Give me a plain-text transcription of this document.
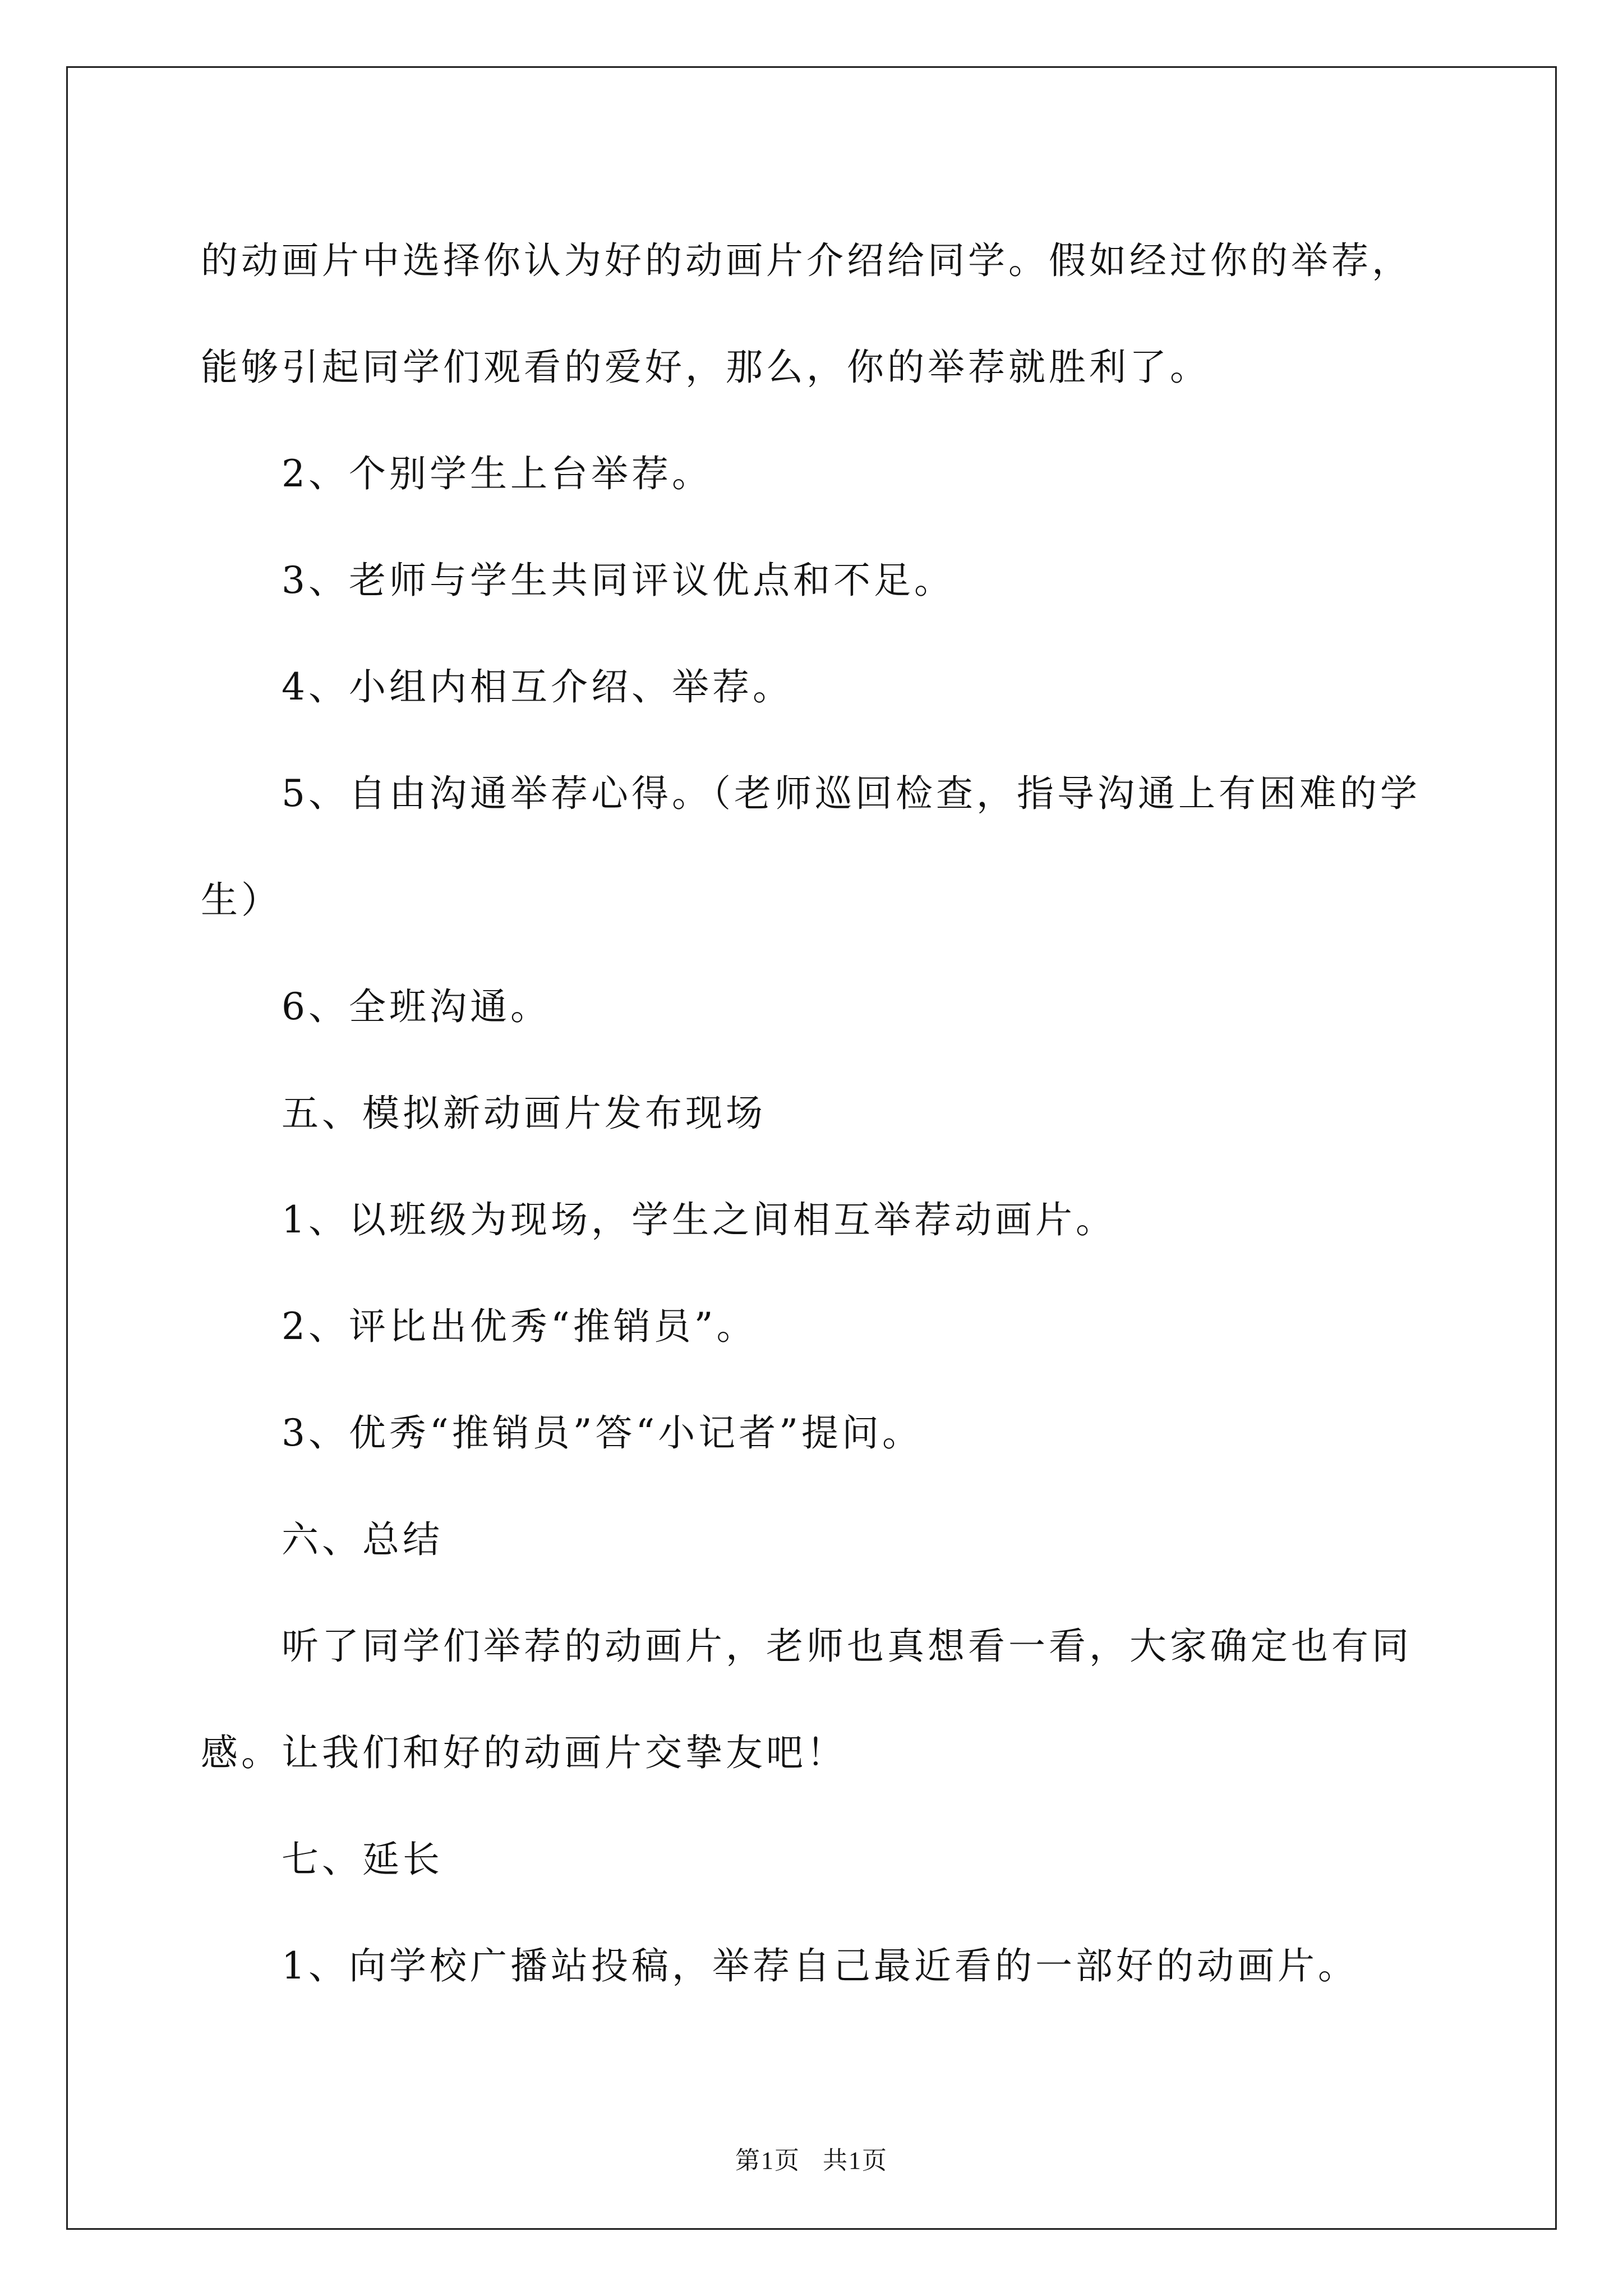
的动画片中选择你认为好的动画片介绍给同学。假如经过你的举荐，
能够引起同学们观看的爱好，那么，你的举荐就胜利了。

2、个别学生上台举荐。

3、老师与学生共同评议优点和不足。

4、小组内相互介绍、举荐。

5、自由沟通举荐心得。（老师巡回检查，指导沟通上有困难的学
生）

6、全班沟通。

五、模拟新动画片发布现场

1、以班级为现场，学生之间相互举荐动画片。

2、评比出优秀“推销员”。

3、优秀“推销员”答“小记者”提问。

六、总结

听了同学们举荐的动画片，老师也真想看一看，大家确定也有同
感。让我们和好的动画片交挚友吧！

七、延长

1、向学校广播站投稿，举荐自己最近看的一部好的动画片。

第1页 共1页
